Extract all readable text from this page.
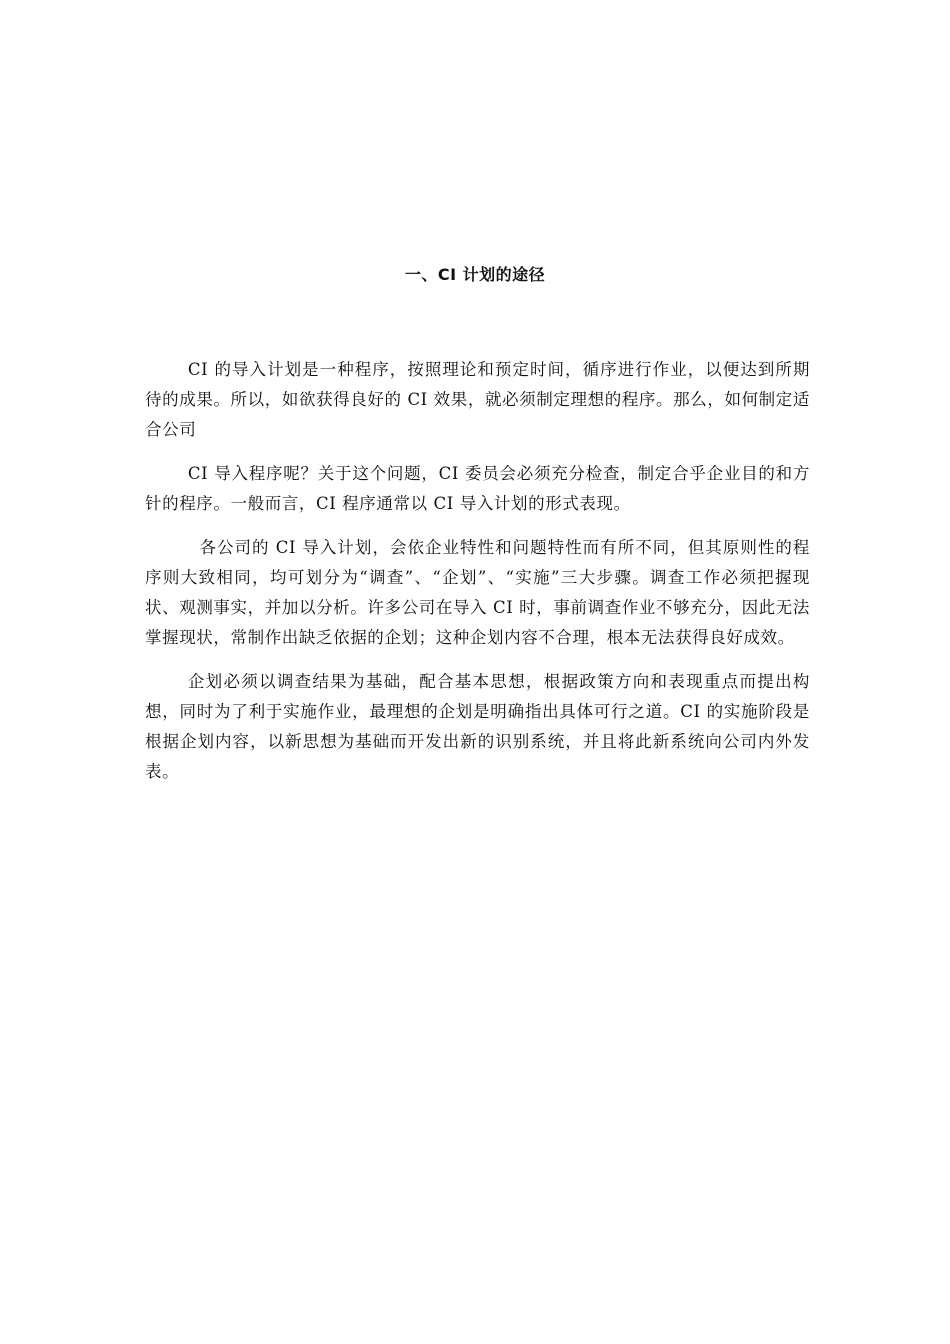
一、CI 计划的途径

CI 的导入计划是一种程序，按照理论和预定时间，循序进行作业，以便达到所期待的成果。所以，如欲获得良好的 CI 效果，就必须制定理想的程序。那么，如何制定适合公司

CI 导入程序呢？关于这个问题，CI 委员会必须充分检查，制定合乎企业目的和方针的程序。一般而言，CI 程序通常以 CI 导入计划的形式表现。

各公司的 CI 导入计划，会依企业特性和问题特性而有所不同，但其原则性的程序则大致相同，均可划分为“调查”、“企划”、“实施”三大步骤。调查工作必须把握现状、观测事实，并加以分析。许多公司在导入 CI 时，事前调查作业不够充分，因此无法掌握现状，常制作出缺乏依据的企划；这种企划内容不合理，根本无法获得良好成效。

企划必须以调查结果为基础，配合基本思想，根据政策方向和表现重点而提出构想，同时为了利于实施作业，最理想的企划是明确指出具体可行之道。CI 的实施阶段是根据企划内容，以新思想为基础而开发出新的识别系统，并且将此新系统向公司内外发表。
